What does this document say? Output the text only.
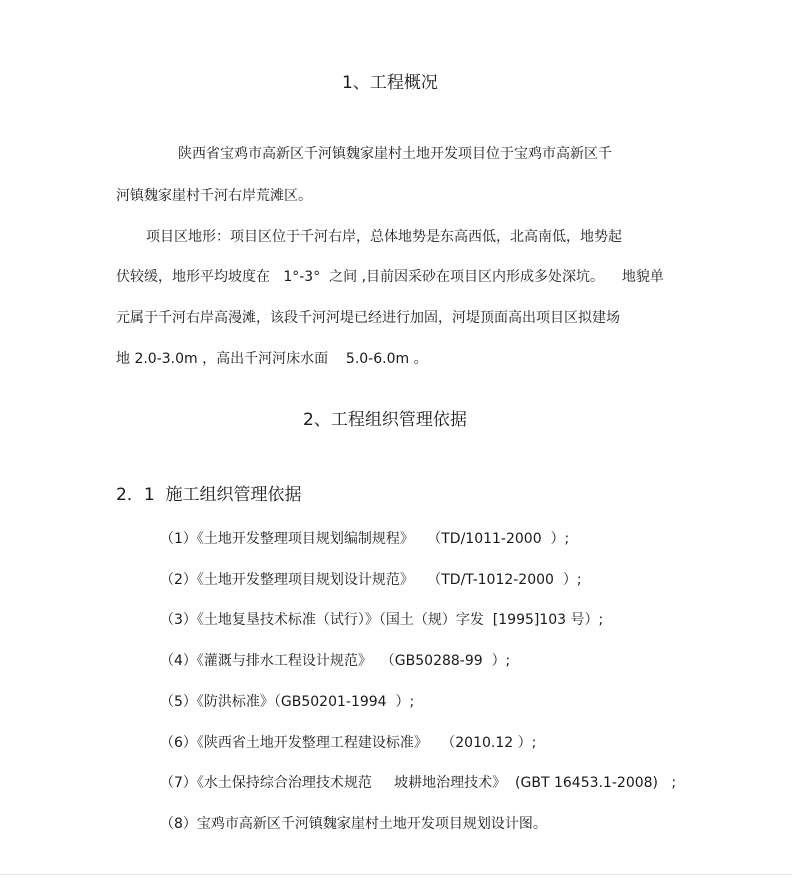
1、工程概况
陕西省宝鸡市高新区千河镇魏家崖村土地开发项目位于宝鸡市高新区千
河镇魏家崖村千河右岸荒滩区。
项目区地形：项目区位于千河右岸，总体地势是东高西低，北高南低，地势起
伏较缓，地形平均坡度在   1°-3°  之间 ,目前因采砂在项目区内形成多处深坑。    地貌单
元属于千河右岸高漫滩，该段千河河堤已经进行加固，河堤顶面高出项目区拟建场
地 2.0-3.0m ，高出千河河床水面    5.0-6.0m 。
2、工程组织管理依据
2．1  施工组织管理依据
（1）《土地开发整理项目规划编制规程》   （TD/1011-2000  ）;
（2）《土地开发整理项目规划设计规范》   （TD/T-1012-2000  ）;
（3）《土地复垦技术标准（试行）》（国土（规）字发  [1995]103 号）;
（4）《灌溉与排水工程设计规范》  （GB50288-99  ）;
（5）《防洪标准》（GB50201-1994  ）;
（6）《陕西省土地开发整理工程建设标准》   （2010.12 ）;
（7）《水土保持综合治理技术规范     坡耕地治理技术》  (GBT 16453.1-2008)   ;
（8）宝鸡市高新区千河镇魏家崖村土地开发项目规划设计图。
